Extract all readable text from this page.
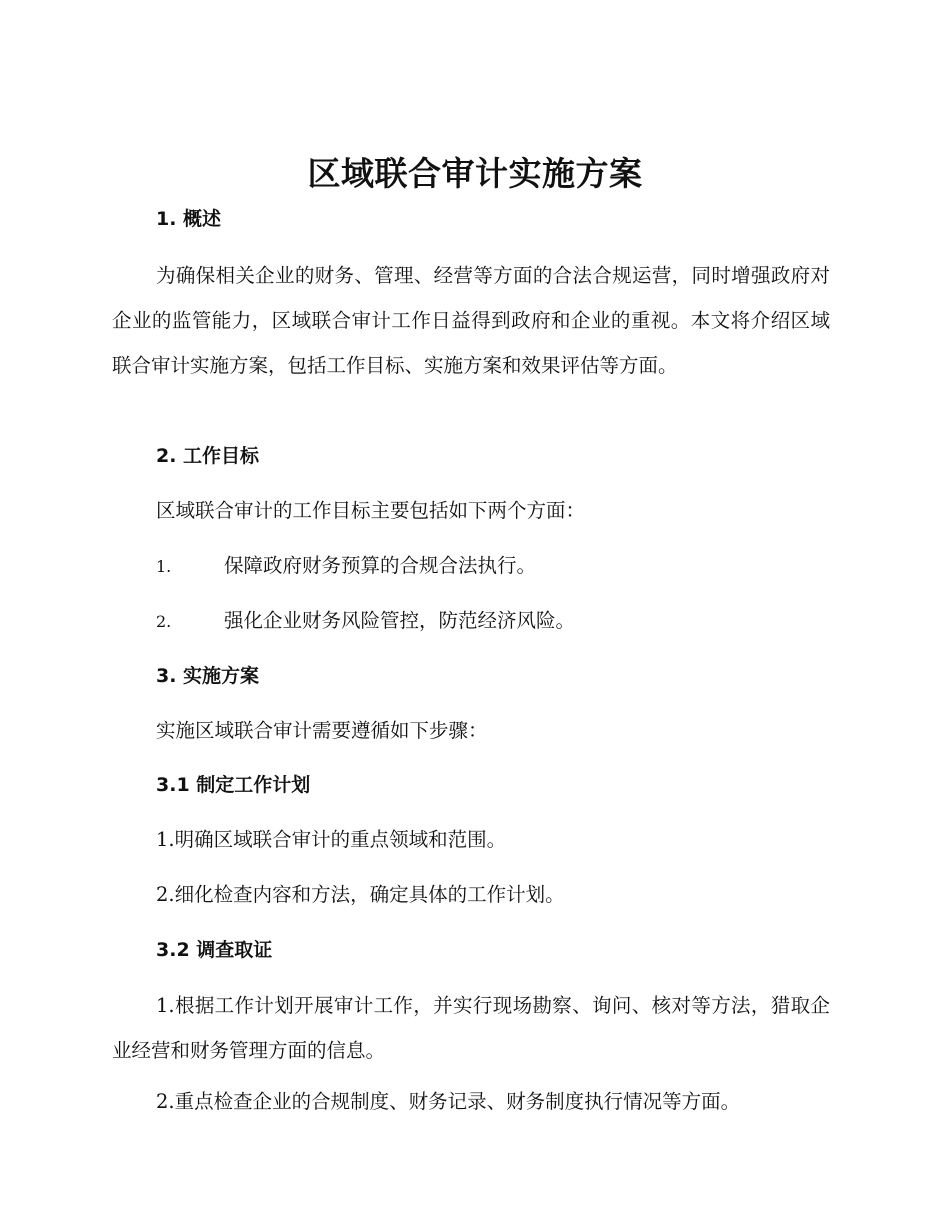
区域联合审计实施方案
1. 概述

为确保相关企业的财务、管理、经营等方面的合法合规运营，同时增强政府对企业的监管能力，区域联合审计工作日益得到政府和企业的重视。本文将介绍区域联合审计实施方案，包括工作目标、实施方案和效果评估等方面。

2. 工作目标

区域联合审计的工作目标主要包括如下两个方面：

1.	保障政府财务预算的合规合法执行。
2.	强化企业财务风险管控，防范经济风险。
3. 实施方案

实施区域联合审计需要遵循如下步骤：

3.1 制定工作计划

1.明确区域联合审计的重点领域和范围。

2.细化检查内容和方法，确定具体的工作计划。

3.2 调查取证

1.根据工作计划开展审计工作，并实行现场勘察、询问、核对等方法，猎取企业经营和财务管理方面的信息。

2.重点检查企业的合规制度、财务记录、财务制度执行情况等方面。
